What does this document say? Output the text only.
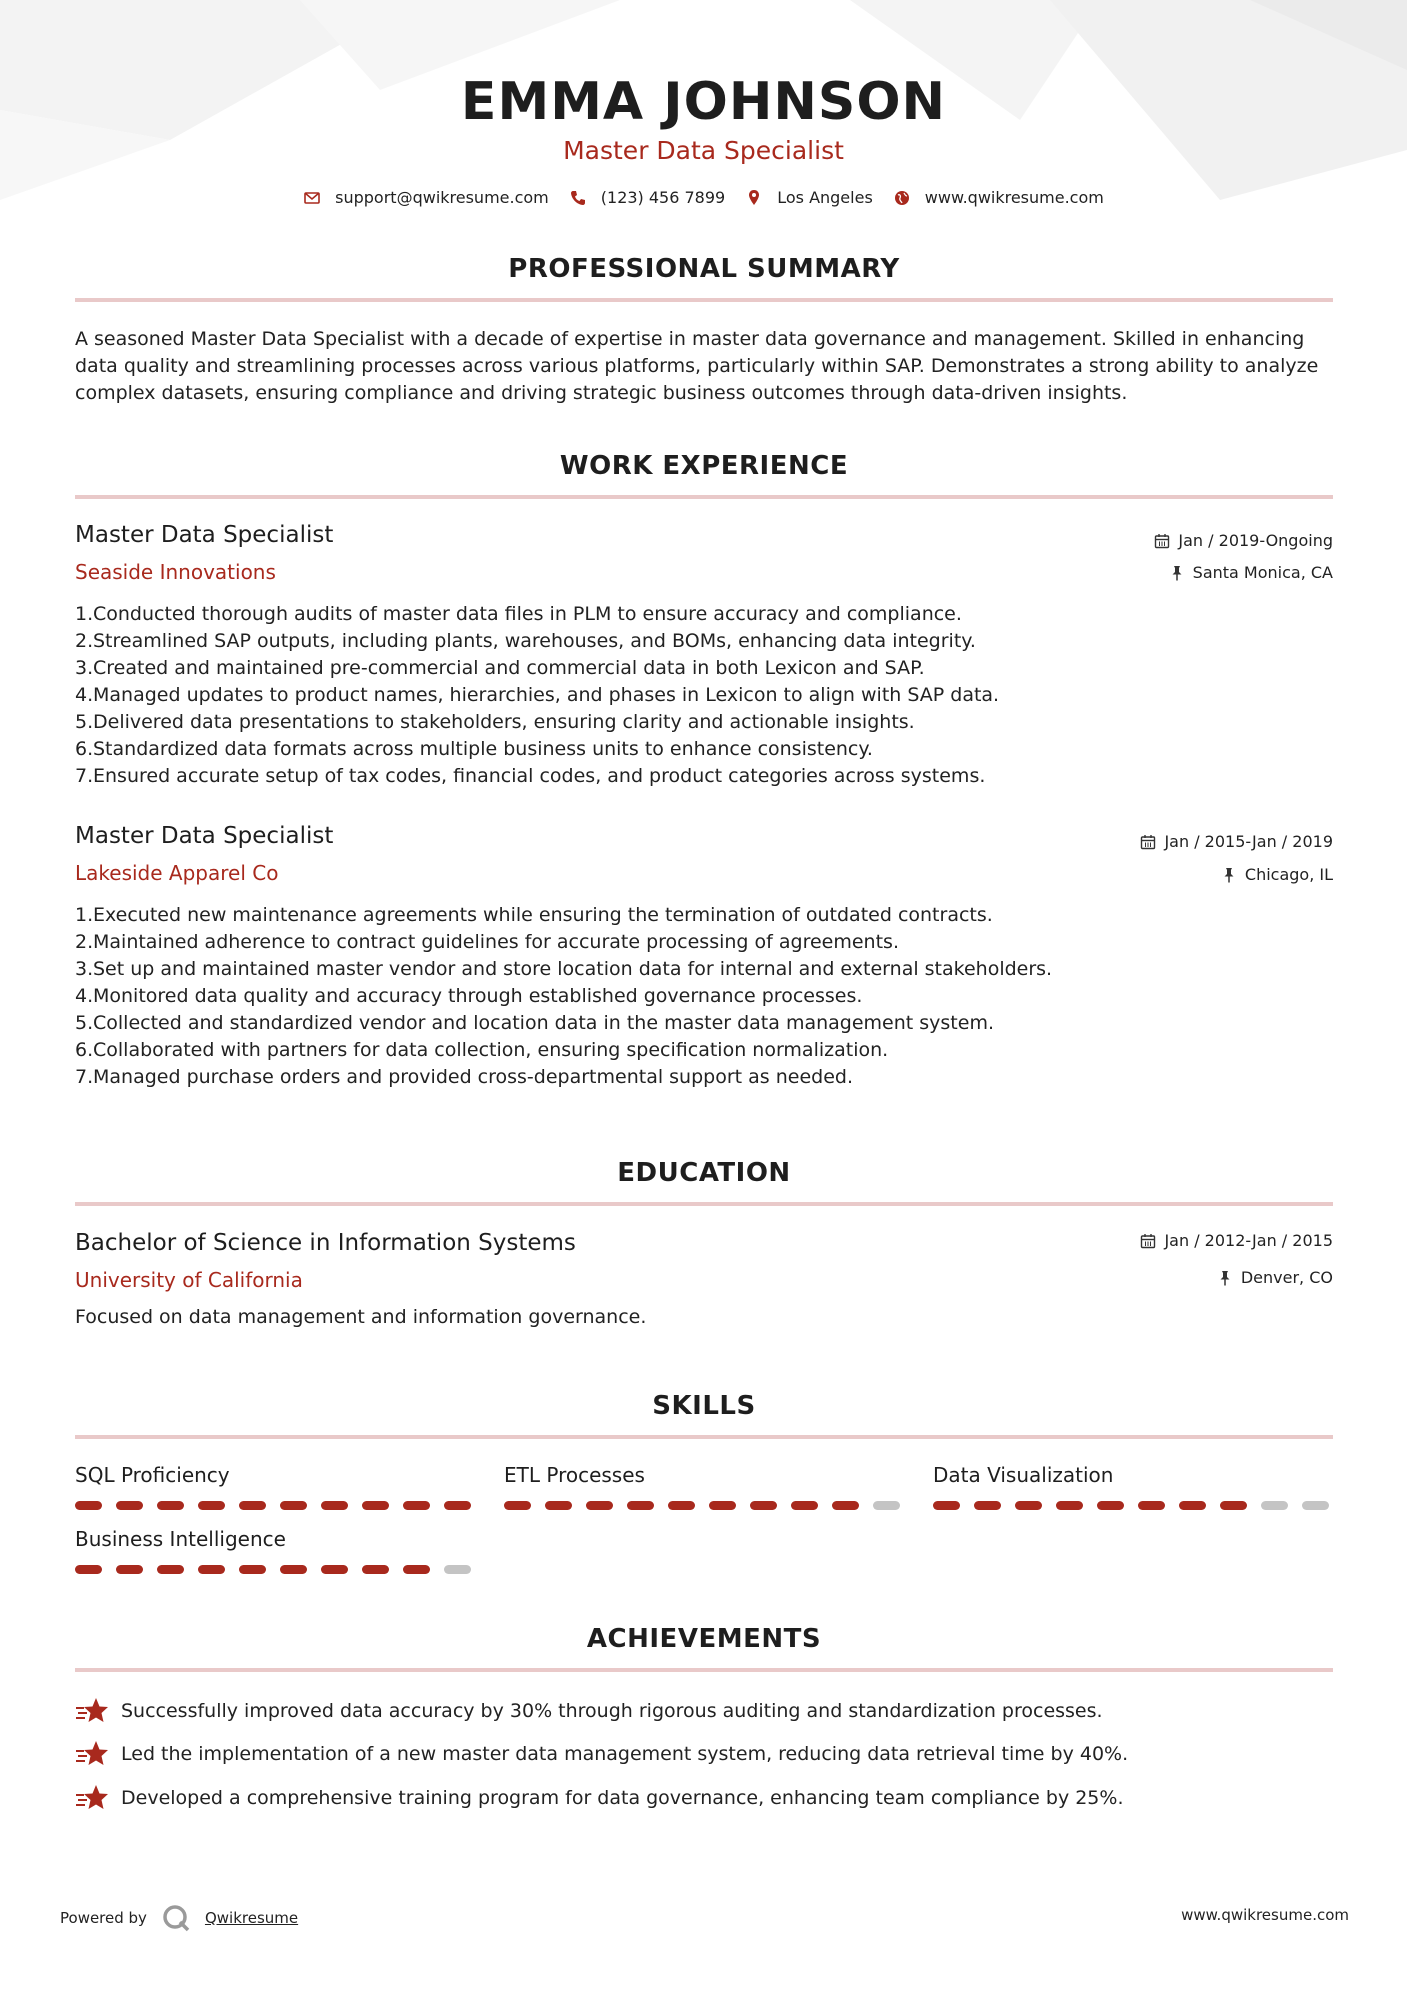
EMMA JOHNSON
Master Data Specialist
support@qwikresume.com	(123) 456 7899	Los Angeles	www.qwikresume.com
PROFESSIONAL SUMMARY
A seasoned Master Data Specialist with a decade of expertise in master data governance and management. Skilled in enhancing data quality and streamlining processes across various platforms, particularly within SAP. Demonstrates a strong ability to analyze complex datasets, ensuring compliance and driving strategic business outcomes through data-driven insights.
WORK EXPERIENCE
Master Data Specialist
Seaside Innovations
Jan / 2019-Ongoing
Santa Monica, CA
1.Conducted thorough audits of master data files in PLM to ensure accuracy and compliance.
2.Streamlined SAP outputs, including plants, warehouses, and BOMs, enhancing data integrity.
3.Created and maintained pre-commercial and commercial data in both Lexicon and SAP.
4.Managed updates to product names, hierarchies, and phases in Lexicon to align with SAP data.
5.Delivered data presentations to stakeholders, ensuring clarity and actionable insights.
6.Standardized data formats across multiple business units to enhance consistency.
7.Ensured accurate setup of tax codes, financial codes, and product categories across systems.
Master Data Specialist
Lakeside Apparel Co
Jan / 2015-Jan / 2019
Chicago, IL
1.Executed new maintenance agreements while ensuring the termination of outdated contracts.
2.Maintained adherence to contract guidelines for accurate processing of agreements.
3.Set up and maintained master vendor and store location data for internal and external stakeholders.
4.Monitored data quality and accuracy through established governance processes.
5.Collected and standardized vendor and location data in the master data management system.
6.Collaborated with partners for data collection, ensuring specification normalization.
7.Managed purchase orders and provided cross-departmental support as needed.
EDUCATION
Bachelor of Science in Information Systems
University of California
Jan / 2012-Jan / 2015
Denver, CO
Focused on data management and information governance.
SKILLS
SQL Proficiency	ETL Processes	Data Visualization
Business Intelligence
ACHIEVEMENTS
Successfully improved data accuracy by 30% through rigorous auditing and standardization processes.
Led the implementation of a new master data management system, reducing data retrieval time by 40%.
Developed a comprehensive training program for data governance, enhancing team compliance by 25%.
Powered by	Qwikresume	www.qwikresume.com
